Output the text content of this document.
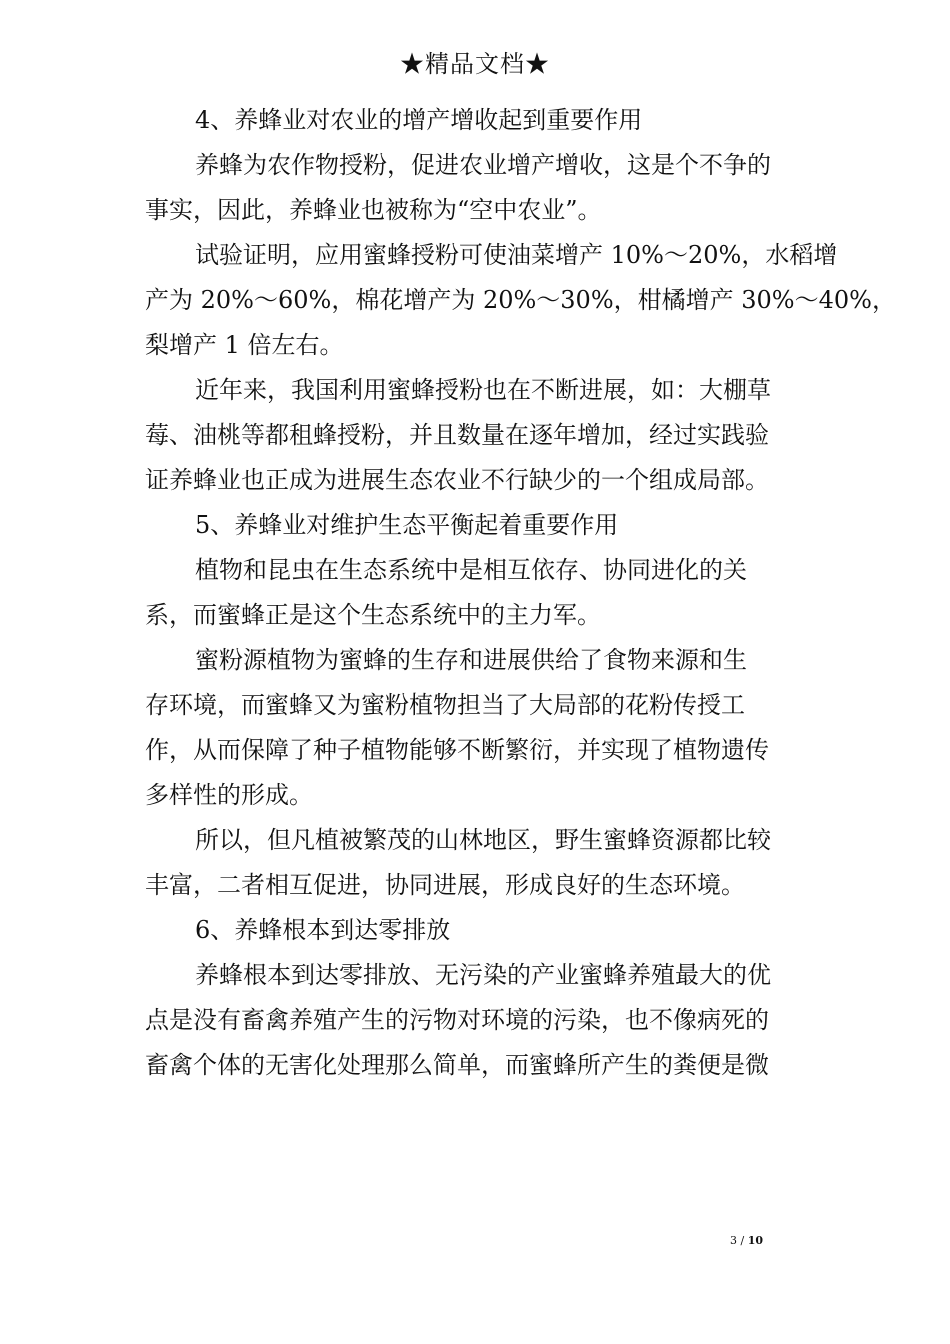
★精品文档★
4、养蜂业对农业的增产增收起到重要作用
养蜂为农作物授粉，促进农业增产增收，这是个不争的
事实，因此，养蜂业也被称为“空中农业”。
试验证明，应用蜜蜂授粉可使油菜增产 10%～20%，水稻增
产为 20%～60%，棉花增产为 20%～30%，柑橘增产 30%～40%，
梨增产 1 倍左右。
近年来，我国利用蜜蜂授粉也在不断进展，如：大棚草
莓、油桃等都租蜂授粉，并且数量在逐年增加，经过实践验
证养蜂业也正成为进展生态农业不行缺少的一个组成局部。
5、养蜂业对维护生态平衡起着重要作用
植物和昆虫在生态系统中是相互依存、协同进化的关
系，而蜜蜂正是这个生态系统中的主力军。
蜜粉源植物为蜜蜂的生存和进展供给了食物来源和生
存环境，而蜜蜂又为蜜粉植物担当了大局部的花粉传授工
作，从而保障了种子植物能够不断繁衍，并实现了植物遗传
多样性的形成。
所以，但凡植被繁茂的山林地区，野生蜜蜂资源都比较
丰富，二者相互促进，协同进展，形成良好的生态环境。
6、养蜂根本到达零排放
养蜂根本到达零排放、无污染的产业蜜蜂养殖最大的优
点是没有畜禽养殖产生的污物对环境的污染，也不像病死的
畜禽个体的无害化处理那么简单，而蜜蜂所产生的粪便是微
3 / 10
